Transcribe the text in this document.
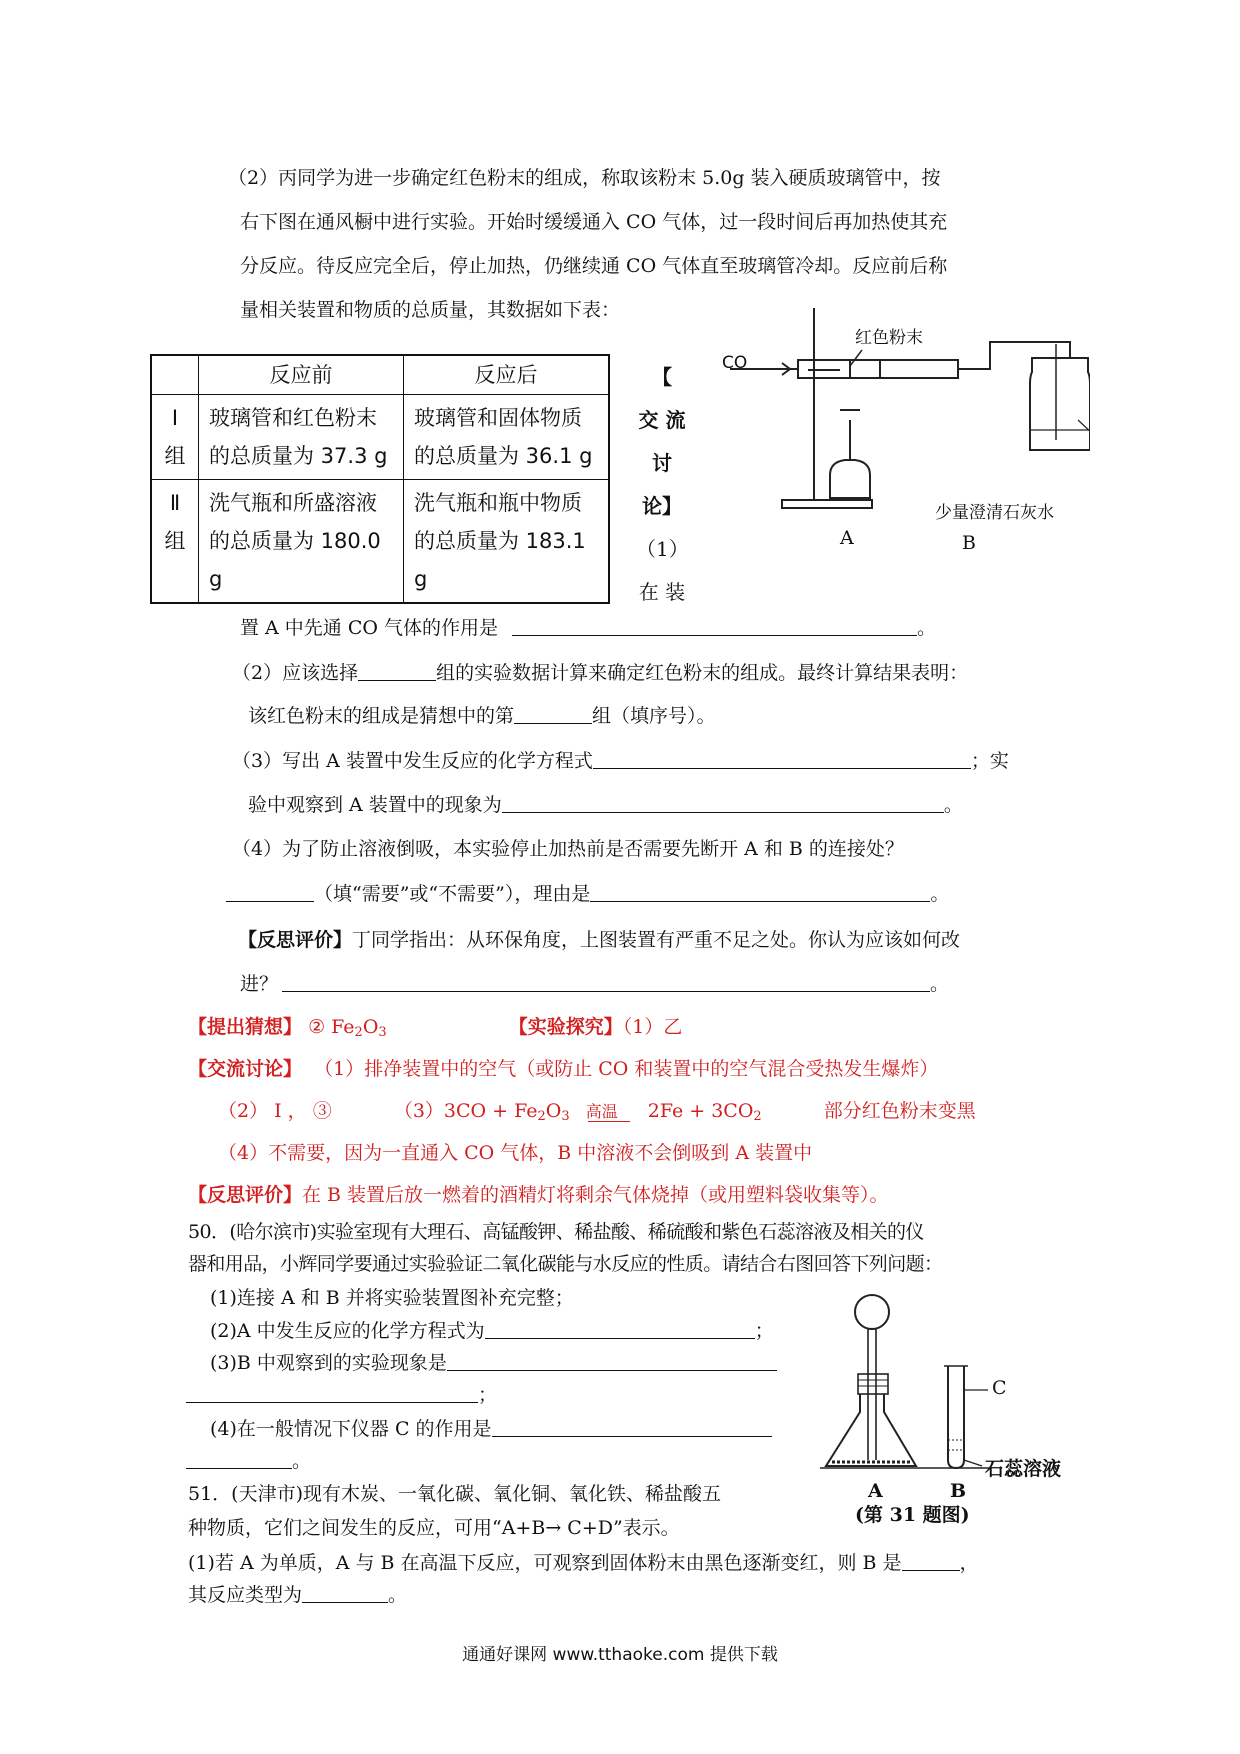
（2）丙同学为进一步确定红色粉末的组成，称取该粉末 5.0g 装入硬质玻璃管中，按
右下图在通风橱中进行实验。开始时缓缓通入 CO 气体，过一段时间后再加热使其充
分反应。待反应完全后，停止加热，仍继续通 CO 气体直至玻璃管冷却。反应前后称
量相关装置和物质的总质量，其数据如下表：
	反应前	反应后
Ⅰ
组	玻璃管和红色粉末的总质量为 37.3 g	玻璃管和固体物质的总质量为 36.1 g
Ⅱ
组	洗气瓶和所盛溶液的总质量为 180.0 g	洗气瓶和瓶中物质的总质量为 183.1 g
【
交 流
讨
论】
（1）
在 装
CO
红色粉末
少量澄清石灰水
A	B
置 A 中先通 CO 气体的作用是	。
（2）应该选择	组的实验数据计算来确定红色粉末的组成。最终计算结果表明：
该红色粉末的组成是猜想中的第	组（填序号）。
（3）写出 A 装置中发生反应的化学方程式	；实
验中观察到 A 装置中的现象为	。
（4）为了防止溶液倒吸，本实验停止加热前是否需要先断开 A 和 B 的连接处？
（填“需要”或“不需要”），理由是	。
【反思评价】丁同学指出：从环保角度，上图装置有严重不足之处。你认为应该如何改
进？	。
【提出猜想】 ② $Fe_2O_3$	【实验探究】（1）乙
【交流讨论】 （1）排净装置中的空气（或防止 CO 和装置中的空气混合受热发生爆炸）
（2） Ⅰ ， ③	$(3)3CO + Fe_2O_3$ 高温 $2Fe + 3CO_2$	部分红色粉末变黑
（4）不需要，因为一直通入 CO 气体，B 中溶液不会倒吸到 A 装置中
【反思评价】在 B 装置后放一燃着的酒精灯将剩余气体烧掉（或用塑料袋收集等）。
50．(哈尔滨市)实验室现有大理石、高锰酸钾、稀盐酸、稀硫酸和紫色石蕊溶液及相关的仪
器和用品，小辉同学要通过实验验证二氧化碳能与水反应的性质。请结合右图回答下列问题：
(1)连接 A 和 B 并将实验装置图补充完整；
(2)A 中发生反应的化学方程式为	；
(3)B 中观察到的实验现象是
；
(4)在一般情况下仪器 C 的作用是
。
C
石蕊溶液
A	B
(第 31 题图)
51．(天津市)现有木炭、一氧化碳、氧化铜、氧化铁、稀盐酸五
种物质，它们之间发生的反应，可用“A+B→ C+D”表示。
(1)若 A 为单质，A 与 B 在高温下反应，可观察到固体粉末由黑色逐渐变红，则 B 是	，
其反应类型为	。
通通好课网 www.tthaoke.com 提供下载
